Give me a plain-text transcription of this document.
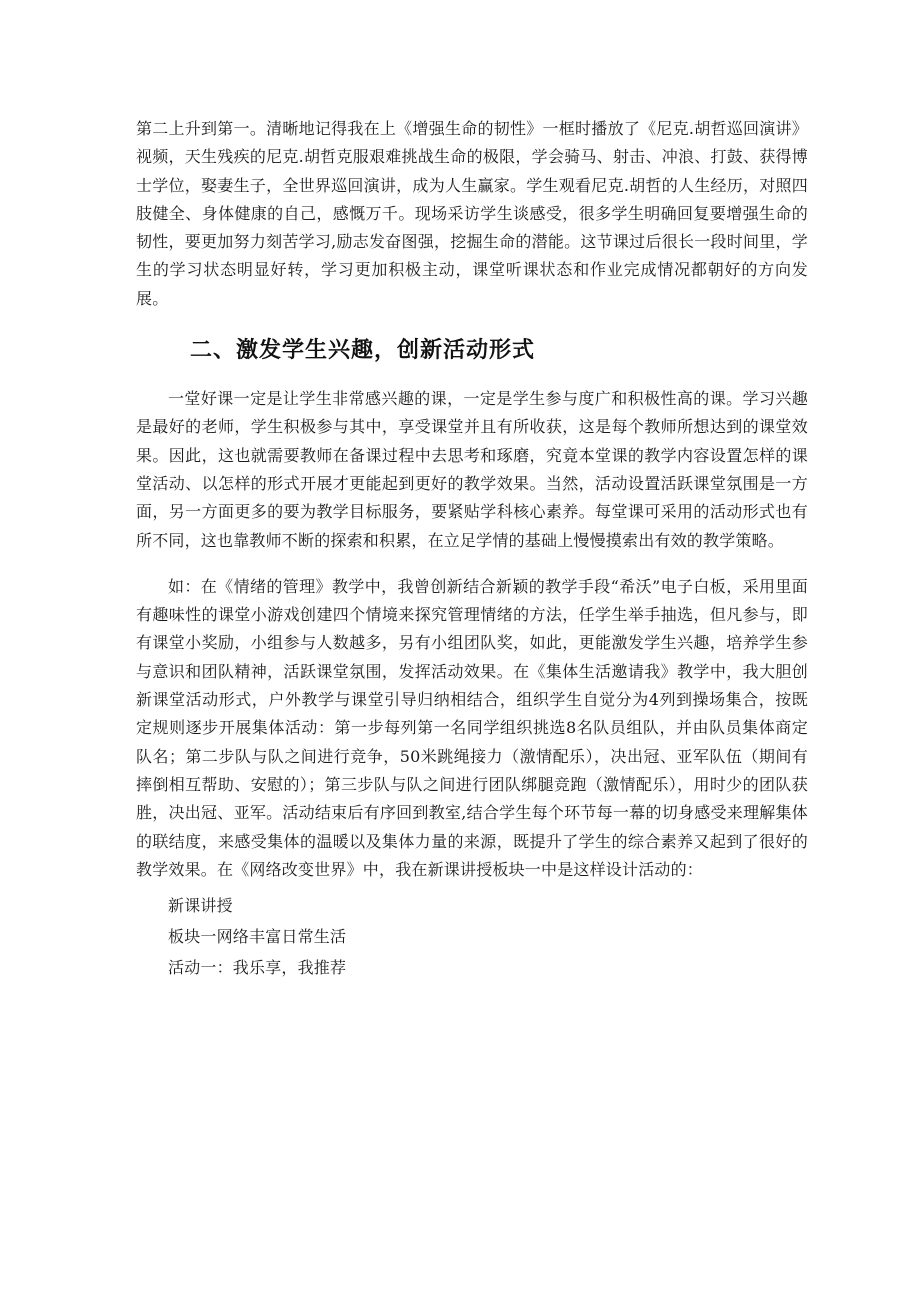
第二上升到第一。清晰地记得我在上《增强生命的韧性》一框时播放了《尼克.胡哲巡回演讲》视频，天生残疾的尼克.胡哲克服艰难挑战生命的极限，学会骑马、射击、冲浪、打鼓、获得博士学位，娶妻生子，全世界巡回演讲，成为人生赢家。学生观看尼克.胡哲的人生经历，对照四肢健全、身体健康的自己，感慨万千。现场采访学生谈感受，很多学生明确回复要增强生命的韧性，要更加努力刻苦学习,励志发奋图强，挖掘生命的潜能。这节课过后很长一段时间里，学生的学习状态明显好转，学习更加积极主动，课堂听课状态和作业完成情况都朝好的方向发展。

二、激发学生兴趣，创新活动形式

一堂好课一定是让学生非常感兴趣的课，一定是学生参与度广和积极性高的课。学习兴趣是最好的老师，学生积极参与其中，享受课堂并且有所收获，这是每个教师所想达到的课堂效果。因此，这也就需要教师在备课过程中去思考和琢磨，究竟本堂课的教学内容设置怎样的课堂活动、以怎样的形式开展才更能起到更好的教学效果。当然，活动设置活跃课堂氛围是一方面，另一方面更多的要为教学目标服务，要紧贴学科核心素养。每堂课可采用的活动形式也有所不同，这也靠教师不断的探索和积累，在立足学情的基础上慢慢摸索出有效的教学策略。

如：在《情绪的管理》教学中，我曾创新结合新颖的教学手段“希沃”电子白板，采用里面有趣味性的课堂小游戏创建四个情境来探究管理情绪的方法，任学生举手抽选，但凡参与，即有课堂小奖励，小组参与人数越多，另有小组团队奖，如此，更能激发学生兴趣，培养学生参与意识和团队精神，活跃课堂氛围，发挥活动效果。在《集体生活邀请我》教学中，我大胆创新课堂活动形式，户外教学与课堂引导归纳相结合，组织学生自觉分为4列到操场集合，按既定规则逐步开展集体活动：第一步每列第一名同学组织挑选8名队员组队，并由队员集体商定队名；第二步队与队之间进行竞争，50米跳绳接力（激情配乐），决出冠、亚军队伍（期间有摔倒相互帮助、安慰的）；第三步队与队之间进行团队绑腿竞跑（激情配乐），用时少的团队获胜，决出冠、亚军。活动结束后有序回到教室,结合学生每个环节每一幕的切身感受来理解集体的联结度，来感受集体的温暖以及集体力量的来源，既提升了学生的综合素养又起到了很好的教学效果。在《网络改变世界》中，我在新课讲授板块一中是这样设计活动的：

新课讲授

板块一网络丰富日常生活

活动一：我乐享，我推荐
